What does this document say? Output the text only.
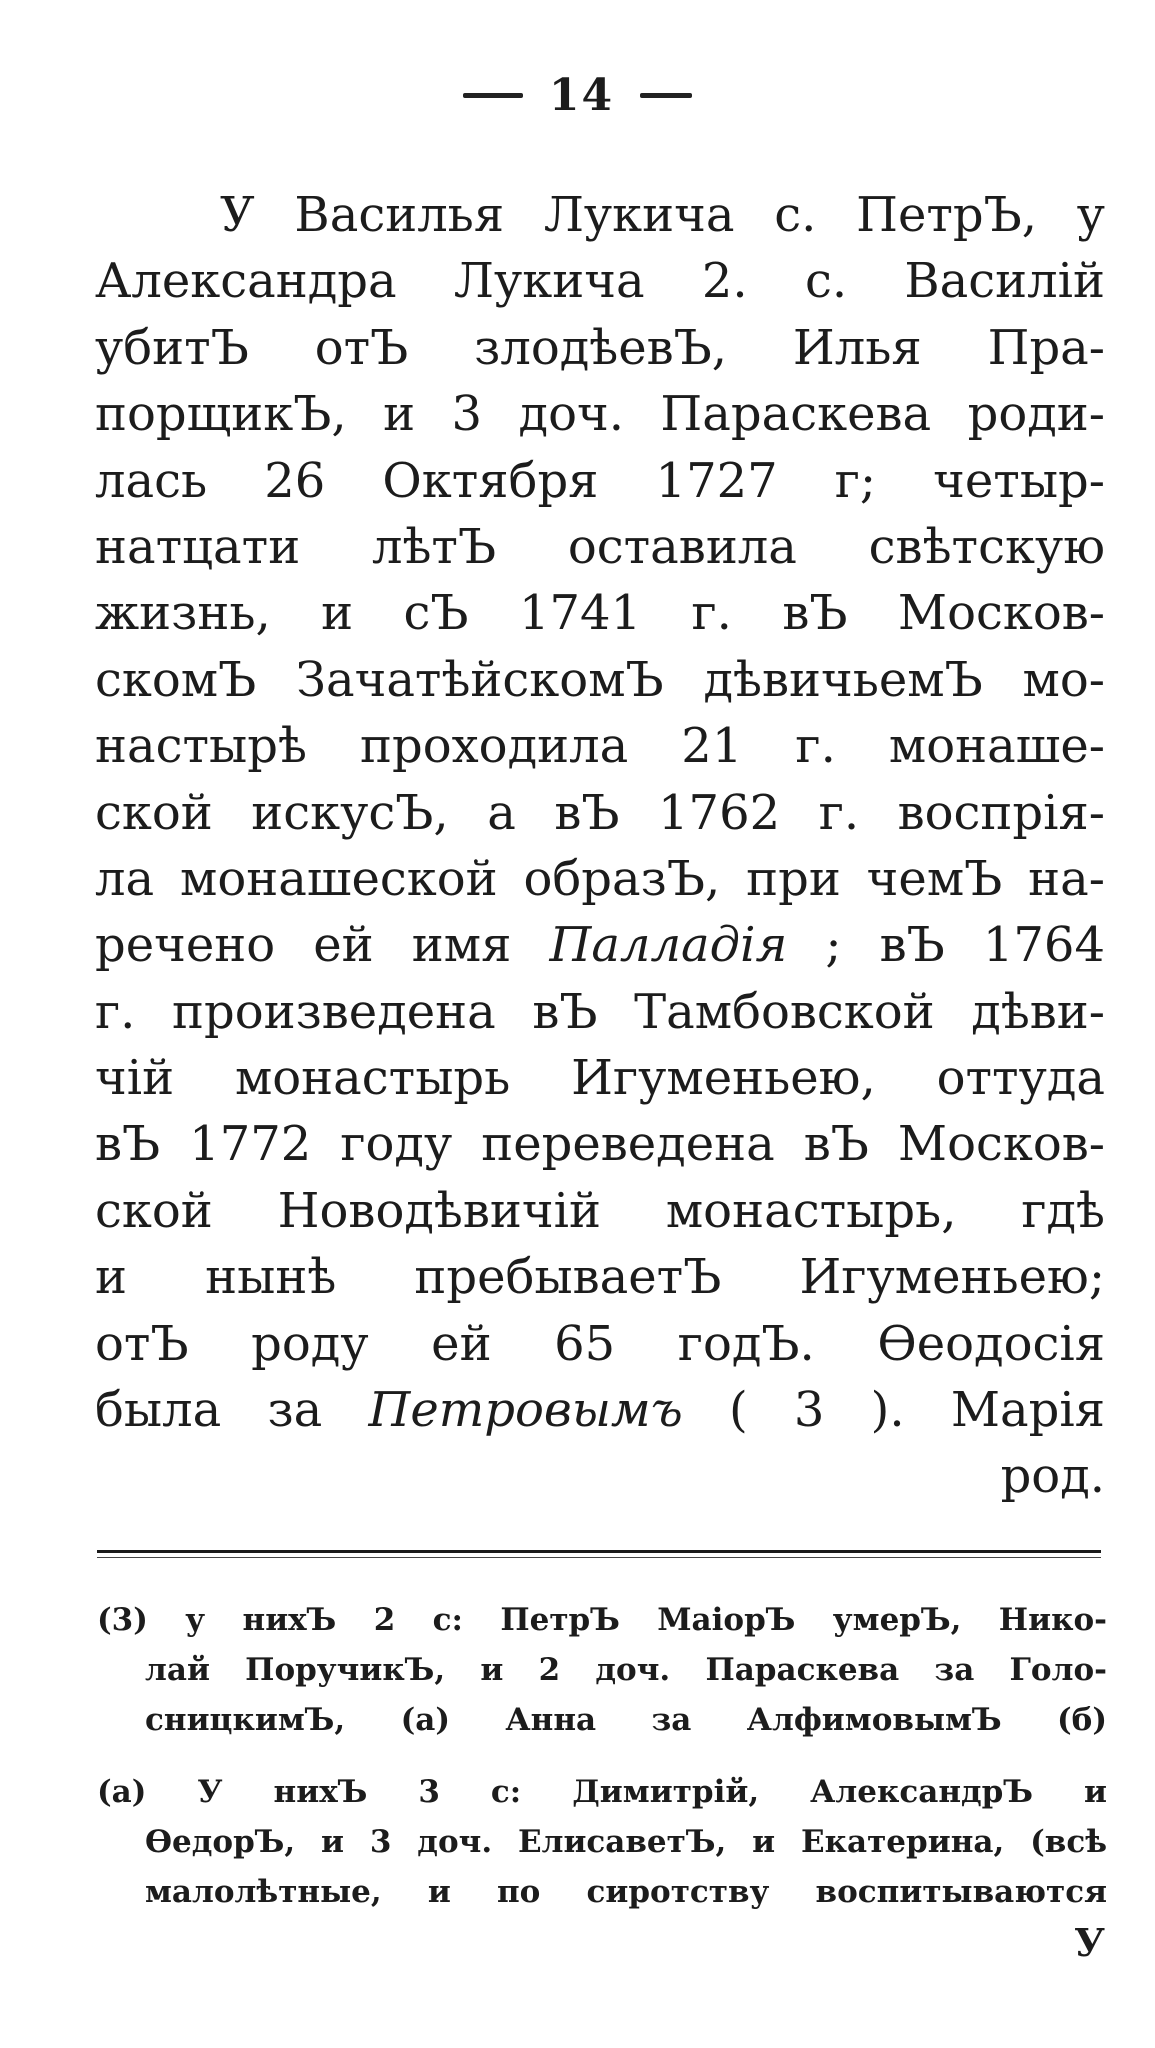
14
У Василья Лукича с. ПетрЪ, у
Александра Лукича 2. с. Василій
убитЪ отЪ злодѣевЪ, Илья Пра-
порщикЪ, и 3 доч. Параскева роди-
лась 26 Октября 1727 г; четыр-
натцати лѣтЪ оставила свѣтскую
жизнь, и сЪ 1741 г. вЪ Москов-
скомЪ ЗачатѣйскомЪ дѣвичьемЪ мо-
настырѣ проходила 21 г. монаше-
ской искусЪ, а вЪ 1762 г. воспрiя-
ла монашеской образЪ, при чемЪ на-
речено ей имя Палладія ; вЪ 1764
г. произведена вЪ Тамбовской дѣви-
чiй монастырь Игуменьею, оттуда
вЪ 1772 году переведена вЪ Москов-
ской Новодѣвичiй монастырь, гдѣ
и нынѣ пребываетЪ Игуменьею;
отЪ роду ей 65 годЪ. Ѳеодосія
была за Петровымъ ( 3 ). Марія
род.
(3) у нихЪ 2 с: ПетрЪ МаіорЪ умерЪ, Нико-
лай ПоручикЪ, и 2 доч. Параскева за Голо-
сницкимЪ, (а) Анна за АлфимовымЪ (б)
(а) У нихЪ 3 с: Димитрій, АлександрЪ и
ѲедорЪ, и 3 доч. ЕлисаветЪ, и Екатерина, (всѣ
малолѣтные, и по сиротству воспитываются
У
